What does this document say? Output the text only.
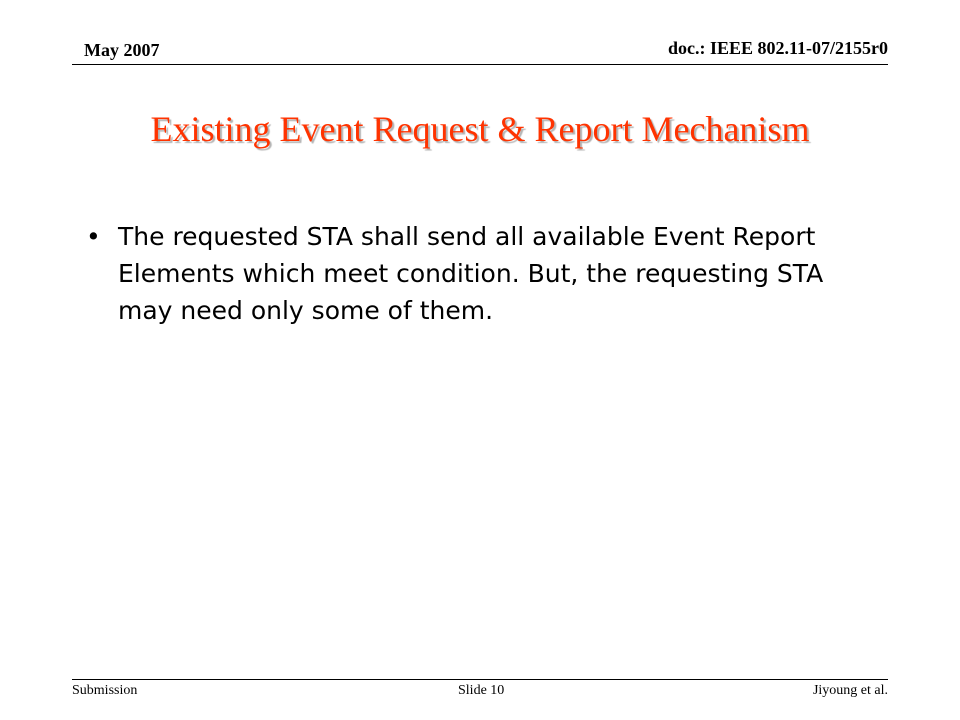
May 2007	doc.: IEEE 802.11-07/2155r0
Existing Event Request & Report Mechanism
• The requested STA shall send all available Event Report Elements which meet condition. But, the requesting STA may need only some of them.
Submission	Slide 10	Jiyoung et al.
